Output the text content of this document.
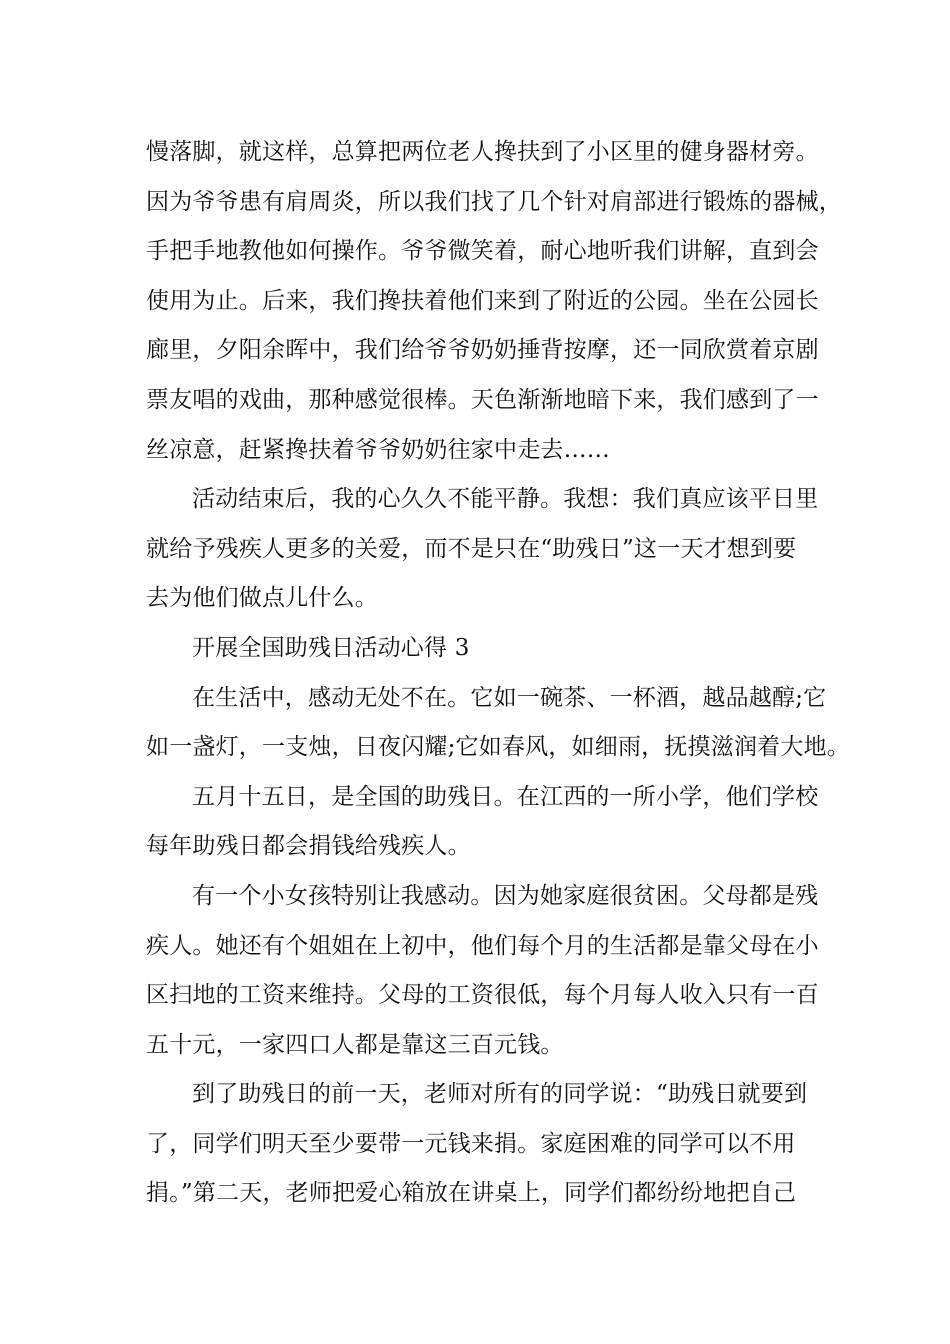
慢落脚，就这样，总算把两位老人搀扶到了小区里的健身器材旁。
因为爷爷患有肩周炎，所以我们找了几个针对肩部进行锻炼的器械，
手把手地教他如何操作。爷爷微笑着，耐心地听我们讲解，直到会
使用为止。后来，我们搀扶着他们来到了附近的公园。坐在公园长
廊里，夕阳余晖中，我们给爷爷奶奶捶背按摩，还一同欣赏着京剧
票友唱的戏曲，那种感觉很棒。天色渐渐地暗下来，我们感到了一
丝凉意，赶紧搀扶着爷爷奶奶往家中走去……

活动结束后，我的心久久不能平静。我想：我们真应该平日里
就给予残疾人更多的关爱，而不是只在“助残日”这一天才想到要
去为他们做点儿什么。

开展全国助残日活动心得 3

在生活中，感动无处不在。它如一碗茶、一杯酒，越品越醇;它
如一盏灯，一支烛，日夜闪耀;它如春风，如细雨，抚摸滋润着大地。

五月十五日，是全国的助残日。在江西的一所小学，他们学校
每年助残日都会捐钱给残疾人。

有一个小女孩特别让我感动。因为她家庭很贫困。父母都是残
疾人。她还有个姐姐在上初中，他们每个月的生活都是靠父母在小
区扫地的工资来维持。父母的工资很低，每个月每人收入只有一百
五十元，一家四口人都是靠这三百元钱。

到了助残日的前一天，老师对所有的同学说：“助残日就要到
了，同学们明天至少要带一元钱来捐。家庭困难的同学可以不用
捐。”第二天，老师把爱心箱放在讲桌上，同学们都纷纷地把自己
